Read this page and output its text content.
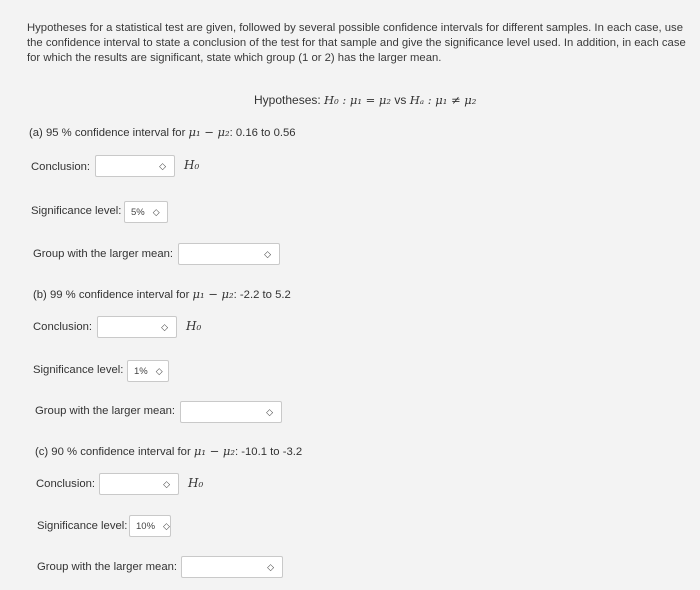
Hypotheses for a statistical test are given, followed by several possible confidence intervals for different samples. In each case, use the confidence interval to state a conclusion of the test for that sample and give the significance level used. In addition, in each case for which the results are significant, state which group (1 or 2) has the larger mean.
Hypotheses: H₀ : μ₁ = μ₂ vs Hₐ : μ₁ ≠ μ₂
(a) 95 % confidence interval for μ₁ − μ₂: 0.16 to 0.56
Conclusion:	◇ H₀
Significance level:	5% ◇
Group with the larger mean:	◇
(b) 99 % confidence interval for μ₁ − μ₂: -2.2 to 5.2
Conclusion:	◇ H₀
Significance level:	1% ◇
Group with the larger mean:	◇
(c) 90 % confidence interval for μ₁ − μ₂: -10.1 to -3.2
Conclusion:	◇ H₀
Significance level: 10% ◇
Group with the larger mean:	◇
